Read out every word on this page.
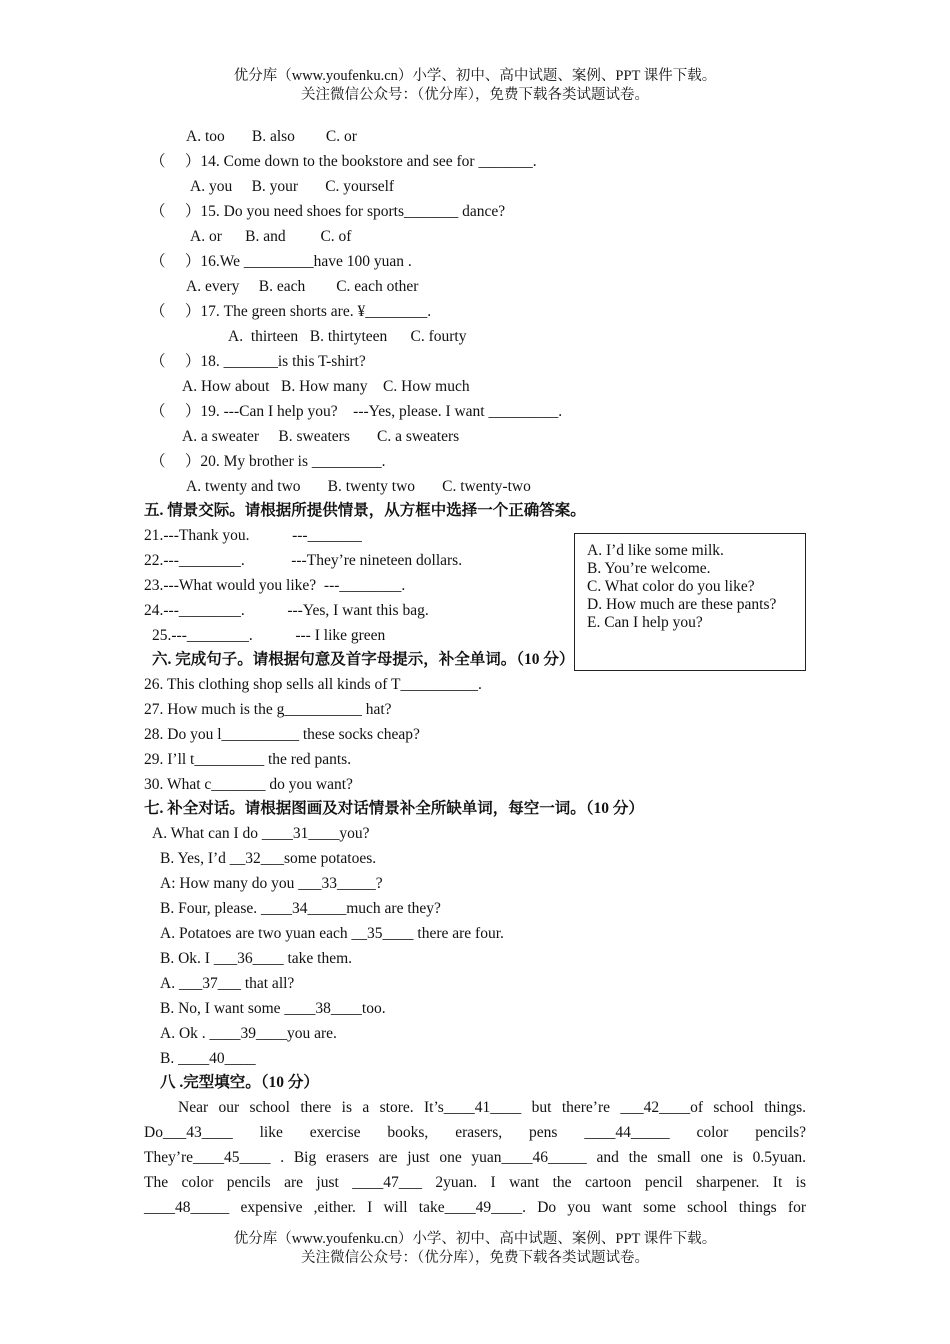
优分库（www.youfenku.cn）小学、初中、高中试题、案例、PPT 课件下载。
关注微信公众号：（优分库），免费下载各类试题试卷。
A. too       B. also        C. or
（     ）14. Come down to the bookstore and see for _______.
A. you     B. your       C. yourself
（     ）15. Do you need shoes for sports_______ dance?
A. or      B. and         C. of
（     ）16.We _________have 100 yuan .
A. every     B. each        C. each other
（     ）17. The green shorts are. ¥________.
A.  thirteen   B. thirtyteen      C. fourty
（     ）18. _______is this T-shirt?
A. How about   B. How many    C. How much
（     ）19. ---Can I help you?    ---Yes, please. I want _________.
A. a sweater     B. sweaters       C. a sweaters
（     ）20. My brother is _________.
A. twenty and two       B. twenty two       C. twenty-two
五. 情景交际。请根据所提供情景，从方框中选择一个正确答案。
21.---Thank you.           ---_______
22.---________.            ---They’re nineteen dollars.
23.---What would you like?  ---________.
24.---________.           ---Yes, I want this bag.
25.---________.           --- I like green
六. 完成句子。请根据句意及首字母提示，补全单词。（10 分）
A. I’d like some milk.
B. You’re welcome.
C. What color do you like?
D. How much are these pants?
E. Can I help you?
26. This clothing shop sells all kinds of T__________.
27. How much is the g__________ hat?
28. Do you l__________ these socks cheap?
29. I’ll t_________ the red pants.
30. What c_______ do you want?
七. 补全对话。请根据图画及对话情景补全所缺单词，每空一词。（10 分）
A. What can I do ____31____you?
B. Yes, I’d __32___some potatoes.
A: How many do you ___33_____?
B. Four, please. ____34_____much are they?
A. Potatoes are two yuan each __35____ there are four.
B. Ok. I ___36____ take them.
A. ___37___ that all?
B. No, I want some ____38____too.
A. Ok . ____39____you are.
B. ____40____
八 .完型填空。（10 分）
Near our school there is a store. It’s____41____ but there’re ___42____of school things.
Do___43____ like exercise books, erasers, pens ____44_____ color pencils?
They’re____45____ . Big erasers are just one yuan____46_____ and the small one is 0.5yuan.
The color pencils are just ____47___ 2yuan. I want the cartoon pencil sharpener. It is
____48_____ expensive ,either. I will take____49____. Do you want some school things for
优分库（www.youfenku.cn）小学、初中、高中试题、案例、PPT 课件下载。
关注微信公众号：（优分库），免费下载各类试题试卷。
